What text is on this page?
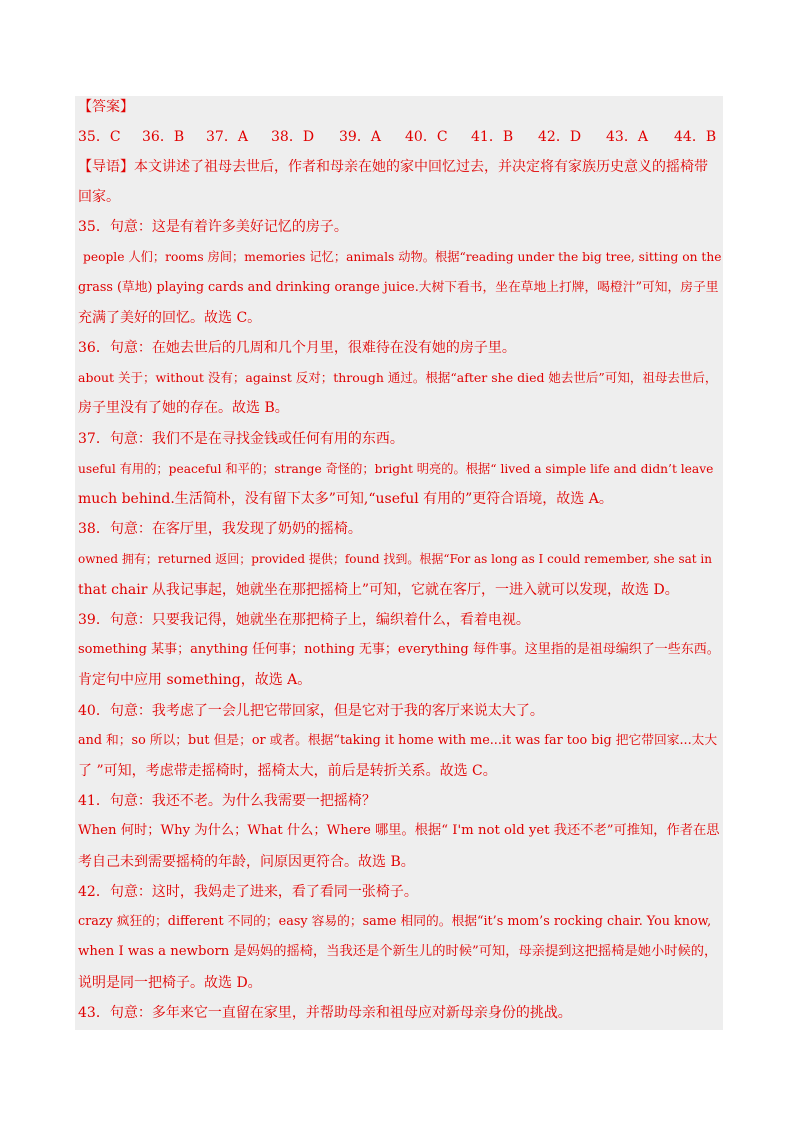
【答案】
35．C 36．B 37．A 38．D 39．A 40．C 41．B 42．D 43．A 44．B
【导语】本文讲述了祖母去世后，作者和母亲在她的家中回忆过去，并决定将有家族历史意义的摇椅带
回家。
35．句意：这是有着许多美好记忆的房子。
people 人们；rooms 房间；memories 记忆；animals 动物。根据“reading under the big tree, sitting on the
grass (草地) playing cards and drinking orange juice.大树下看书，坐在草地上打牌，喝橙汁”可知，房子里
充满了美好的回忆。故选 C。
36．句意：在她去世后的几周和几个月里，很难待在没有她的房子里。
about 关于；without 没有；against 反对；through 通过。根据“after she died 她去世后”可知，祖母去世后，
房子里没有了她的存在。故选 B。
37．句意：我们不是在寻找金钱或任何有用的东西。
useful 有用的；peaceful 和平的；strange 奇怪的；bright 明亮的。根据“ lived a simple life and didn’t leave
much behind.生活简朴，没有留下太多”可知,“useful 有用的”更符合语境，故选 A。
38．句意：在客厅里，我发现了奶奶的摇椅。
owned 拥有；returned 返回；provided 提供；found 找到。根据“For as long as I could remember, she sat in
that chair 从我记事起，她就坐在那把摇椅上”可知，它就在客厅，一进入就可以发现，故选 D。
39．句意：只要我记得，她就坐在那把椅子上，编织着什么，看着电视。
something 某事；anything 任何事；nothing 无事；everything 每件事。这里指的是祖母编织了一些东西。
肯定句中应用 something，故选 A。
40．句意：我考虑了一会儿把它带回家，但是它对于我的客厅来说太大了。
and 和；so 所以；but 但是；or 或者。根据“taking it home with me...it was far too big 把它带回家...太大
了 ”可知，考虑带走摇椅时，摇椅太大，前后是转折关系。故选 C。
41．句意：我还不老。为什么我需要一把摇椅？
When 何时；Why 为什么；What 什么；Where 哪里。根据“ I'm not old yet 我还不老”可推知，作者在思
考自己未到需要摇椅的年龄，问原因更符合。故选 B。
42．句意：这时，我妈走了进来，看了看同一张椅子。
crazy 疯狂的；different 不同的；easy 容易的；same 相同的。根据“it’s mom’s rocking chair. You know,
when I was a newborn 是妈妈的摇椅，当我还是个新生儿的时候”可知，母亲提到这把摇椅是她小时候的，
说明是同一把椅子。故选 D。
43．句意：多年来它一直留在家里，并帮助母亲和祖母应对新母亲身份的挑战。
